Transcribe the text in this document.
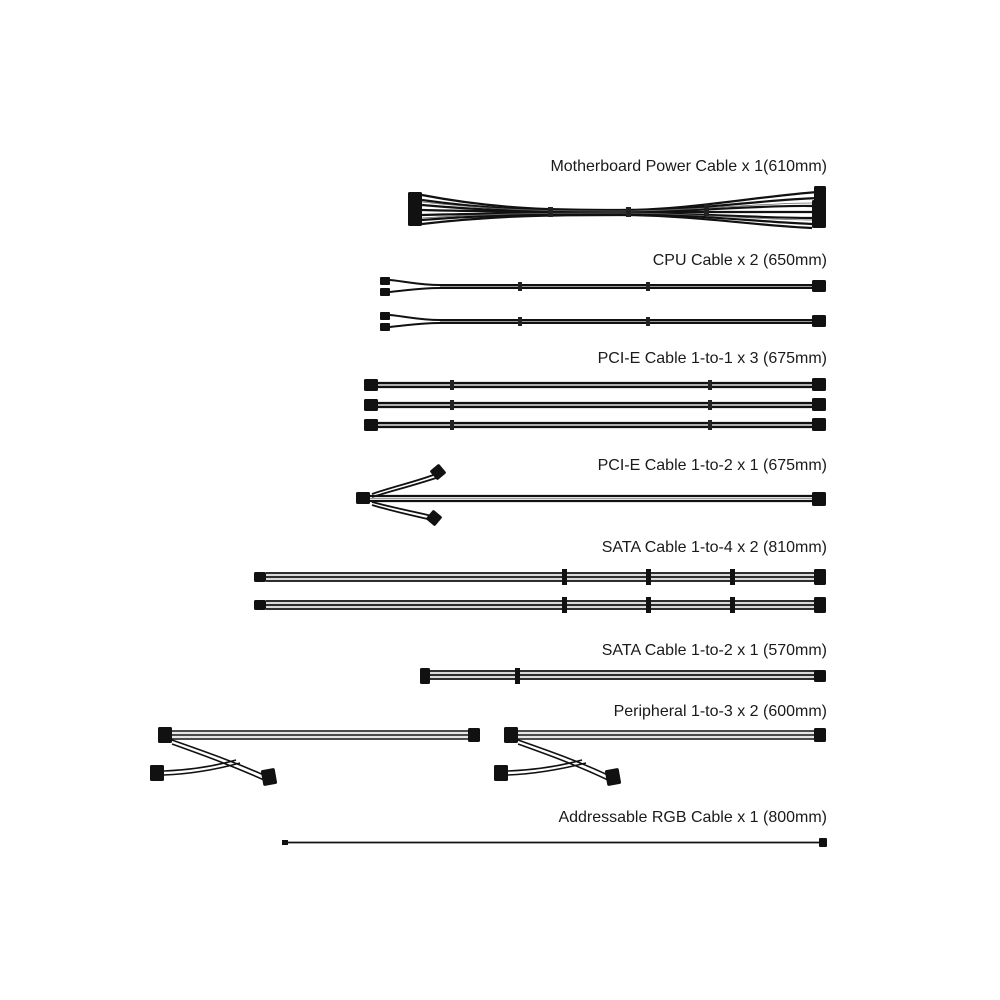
Motherboard Power Cable x 1(610mm)
CPU Cable x 2 (650mm)
PCI-E Cable 1-to-1 x 3 (675mm)
PCI-E Cable 1-to-2 x 1 (675mm)
SATA Cable 1-to-4 x 2 (810mm)
SATA Cable 1-to-2 x 1 (570mm)
Peripheral 1-to-3 x 2 (600mm)
Addressable RGB Cable x 1 (800mm)
